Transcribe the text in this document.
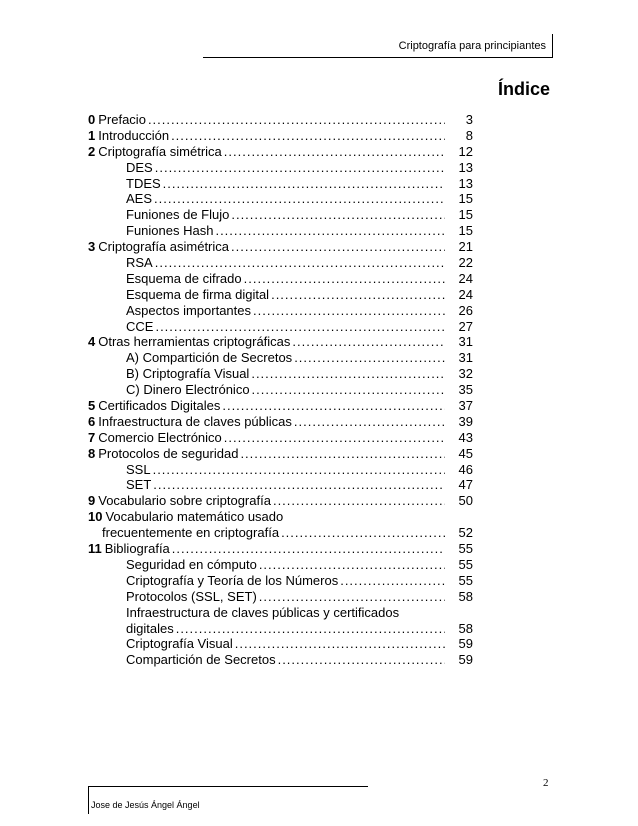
Criptografía para principiantes
Índice
0 Prefacio .....	3
1 Introducción .....	8
2 Criptografía simétrica .....	12
DES .....	13
TDES .....	13
AES .....	15
Funiones de Flujo .....	15
Funiones Hash .....	15
3 Criptografía asimétrica .....	21
RSA .....	22
Esquema de cifrado .....	24
Esquema de firma digital .....	24
Aspectos importantes .....	26
CCE .....	27
4 Otras herramientas criptográficas .....	31
A) Compartición de Secretos .....	31
B) Criptografía Visual .....	32
C) Dinero Electrónico .....	35
5 Certificados Digitales .....	37
6 Infraestructura de claves públicas .....	39
7 Comercio Electrónico .....	43
8 Protocolos de seguridad .....	45
SSL .....	46
SET .....	47
9 Vocabulario sobre criptografía .....	50
10 Vocabulario matemático usado
frecuentemente en criptografía .....	52
11 Bibliografía .....	55
Seguridad en cómputo .....	55
Criptografía y Teoría de los Números .....	55
Protocolos (SSL, SET) .....	58
Infraestructura de claves públicas y certificados
digitales .....	58
Criptografía Visual .....	59
Compartición de Secretos .....	59
2
Jose de Jesús Ángel Ángel
